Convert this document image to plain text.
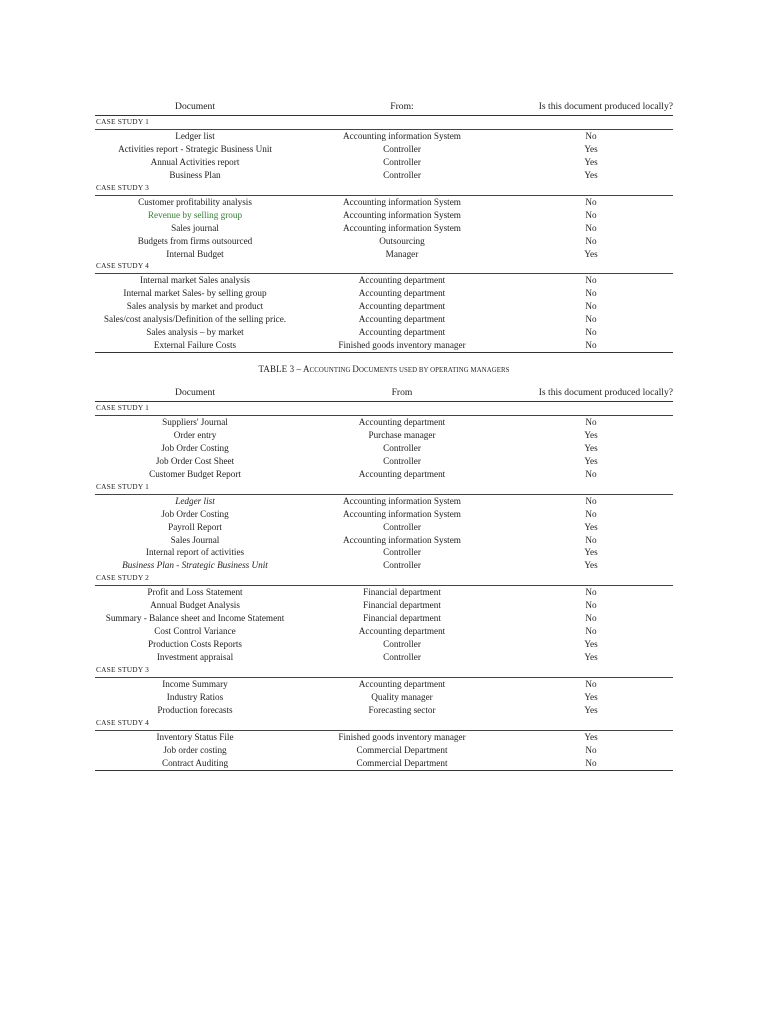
Document	From:	Is this document produced locally?
CASE STUDY 1		
Ledger list	Accounting information System	No
Activities report - Strategic Business Unit	Controller	Yes
Annual Activities report	Controller	Yes
Business Plan	Controller	Yes
CASE STUDY 3		
Customer profitability analysis	Accounting information System	No
Revenue by selling group	Accounting information System	No
Sales journal	Accounting information System	No
Budgets from firms outsourced	Outsourcing	No
Internal Budget	Manager	Yes
CASE STUDY 4		
Internal market Sales analysis	Accounting department	No
Internal market Sales- by selling group	Accounting department	No
Sales analysis by market and product	Accounting department	No
Sales/cost analysis/Definition of the selling price.	Accounting department	No
Sales analysis – by market	Accounting department	No
External Failure Costs	Finished goods inventory manager	No
TABLE 3 – ACCOUNTING DOCUMENTS USED BY OPERATING MANAGERS
Document	From	Is this document produced locally?
CASE STUDY 1		
Suppliers' Journal	Accounting department	No
Order entry	Purchase manager	Yes
Job Order Costing	Controller	Yes
Job Order Cost Sheet	Controller	Yes
Customer Budget Report	Accounting department	No
CASE STUDY 1		
Ledger list	Accounting information System	No
Job Order Costing	Accounting information System	No
Payroll Report	Controller	Yes
Sales Journal	Accounting information System	No
Internal report of activities	Controller	Yes
Business Plan - Strategic Business Unit	Controller	Yes
CASE STUDY 2		
Profit and Loss Statement	Financial department	No
Annual Budget Analysis	Financial department	No
Summary - Balance sheet and Income Statement	Financial department	No
Cost Control Variance	Accounting department	No
Production Costs Reports	Controller	Yes
Investment appraisal	Controller	Yes
CASE STUDY 3		
Income Summary	Accounting department	No
Industry Ratios	Quality manager	Yes
Production forecasts	Forecasting sector	Yes
CASE STUDY 4		
Inventory Status File	Finished goods inventory manager	Yes
Job order costing	Commercial Department	No
Contract Auditing	Commercial Department	No
